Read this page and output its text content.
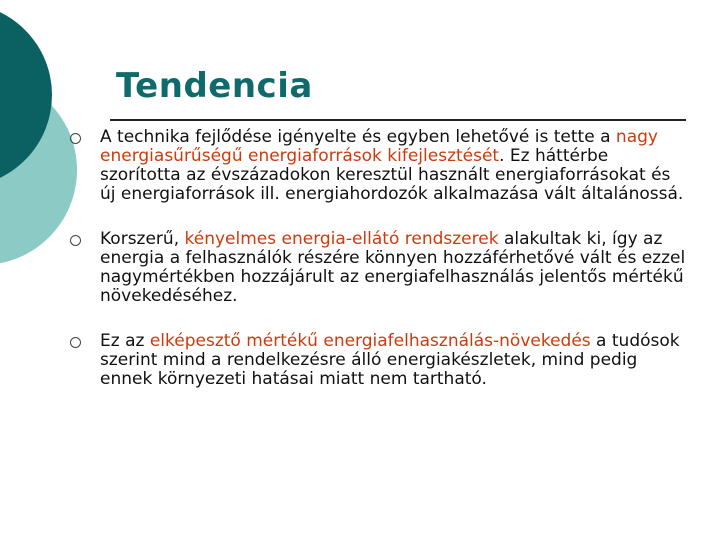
Tendencia
A technika fejlődése igényelte és egyben lehetővé is tette a nagy energiasűrűségű energiaforrások kifejlesztését. Ez háttérbe szorította az évszázadokon keresztül használt energiaforrásokat és új energiaforrások ill. energiahordozók alkalmazása vált általánossá.
Korszerű, kényelmes energia-ellátó rendszerek alakultak ki, így az energia a felhasználók részére könnyen hozzáférhetővé vált és ezzel nagymértékben hozzájárult az energiafelhasználás jelentős mértékű növekedéséhez.
Ez az elképesztő mértékű energiafelhasználás-növekedés a tudósok szerint mind a rendelkezésre álló energiakészletek, mind pedig ennek környezeti hatásai miatt nem tartható.
